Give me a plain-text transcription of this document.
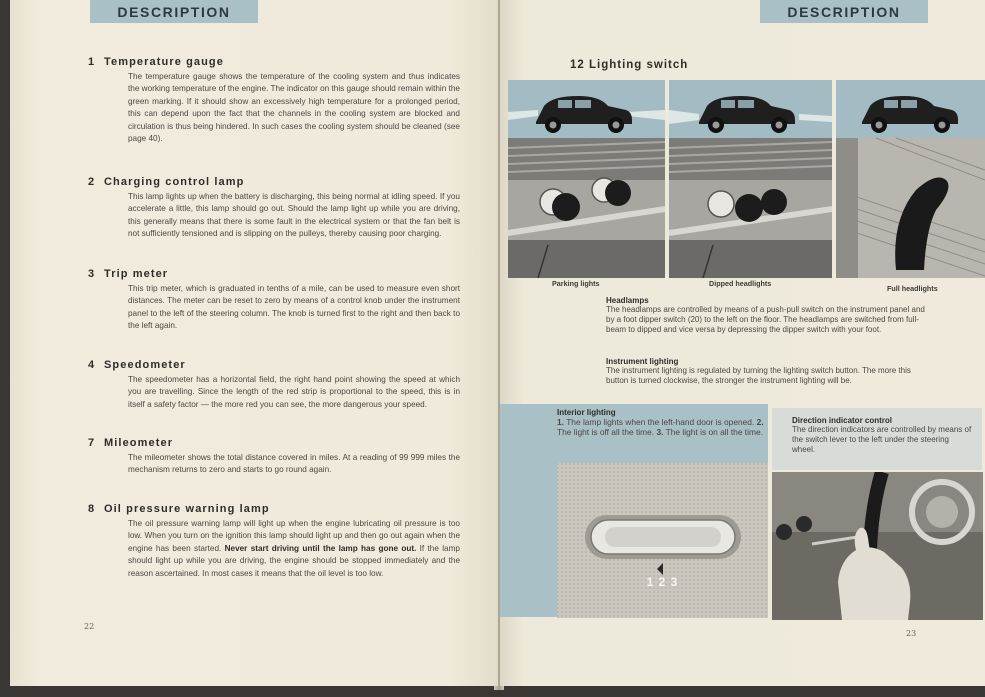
DESCRIPTION
1 Temperature gauge
The temperature gauge shows the temperature of the cooling system and thus indicates the working temperature of the engine. The indicator on this gauge should remain within the green marking. If it should show an excessively high temperature for a prolonged period, this can depend upon the fact that the channels in the cooling system are blocked and circulation is thus being hindered. In such cases the cooling system should be cleaned (see page 40).
2 Charging control lamp
This lamp lights up when the battery is discharging, this being normal at idling speed. If you accelerate a little, this lamp should go out. Should the lamp light up while you are driving, this generally means that there is some fault in the electrical system or that the fan belt is not sufficiently tensioned and is slipping on the pulleys, thereby causing poor charging.
3 Trip meter
This trip meter, which is graduated in tenths of a mile, can be used to measure even short distances. The meter can be reset to zero by means of a control knob under the instrument panel to the left of the steering column. The knob is turned first to the right and then back to the left again.
4 Speedometer
The speedometer has a horizontal field, the right hand point showing the speed at which you are travelling. Since the length of the red strip is proportional to the speed, this is in itself a safety factor — the more red you can see, the more dangerous your speed.
7 Mileometer
The mileometer shows the total distance covered in miles. At a reading of 99 999 miles the mechanism returns to zero and starts to go round again.
8 Oil pressure warning lamp
The oil pressure warning lamp will light up when the engine lubricating oil pressure is too low. When you turn on the ignition this lamp should light up and then go out again when the engine has been started. Never start driving until the lamp has gone out. If the lamp should light up while you are driving, the engine should be stopped immediately and the reason ascertained. In most cases it means that the oil level is too low.
22
DESCRIPTION
12 Lighting switch
Parking lights	Dipped headlights
Full headlights
Headlamps
The headlamps are controlled by means of a push-pull switch on the instrument panel and by a foot dipper switch (20) to the left on the floor. The headlamps are switched from full-beam to dipped and vice versa by depressing the dipper switch with your foot.
Instrument lighting
The instrument lighting is regulated by turning the lighting switch button. The more this button is turned clockwise, the stronger the instrument lighting will be.
Interior lighting
1. The lamp lights when the left-hand door is opened. 2. The light is off all the time. 3. The light is on all the time.
1 2 3
Direction indicator control
The direction indicators are controlled by means of the switch lever to the left under the steering wheel.
23
